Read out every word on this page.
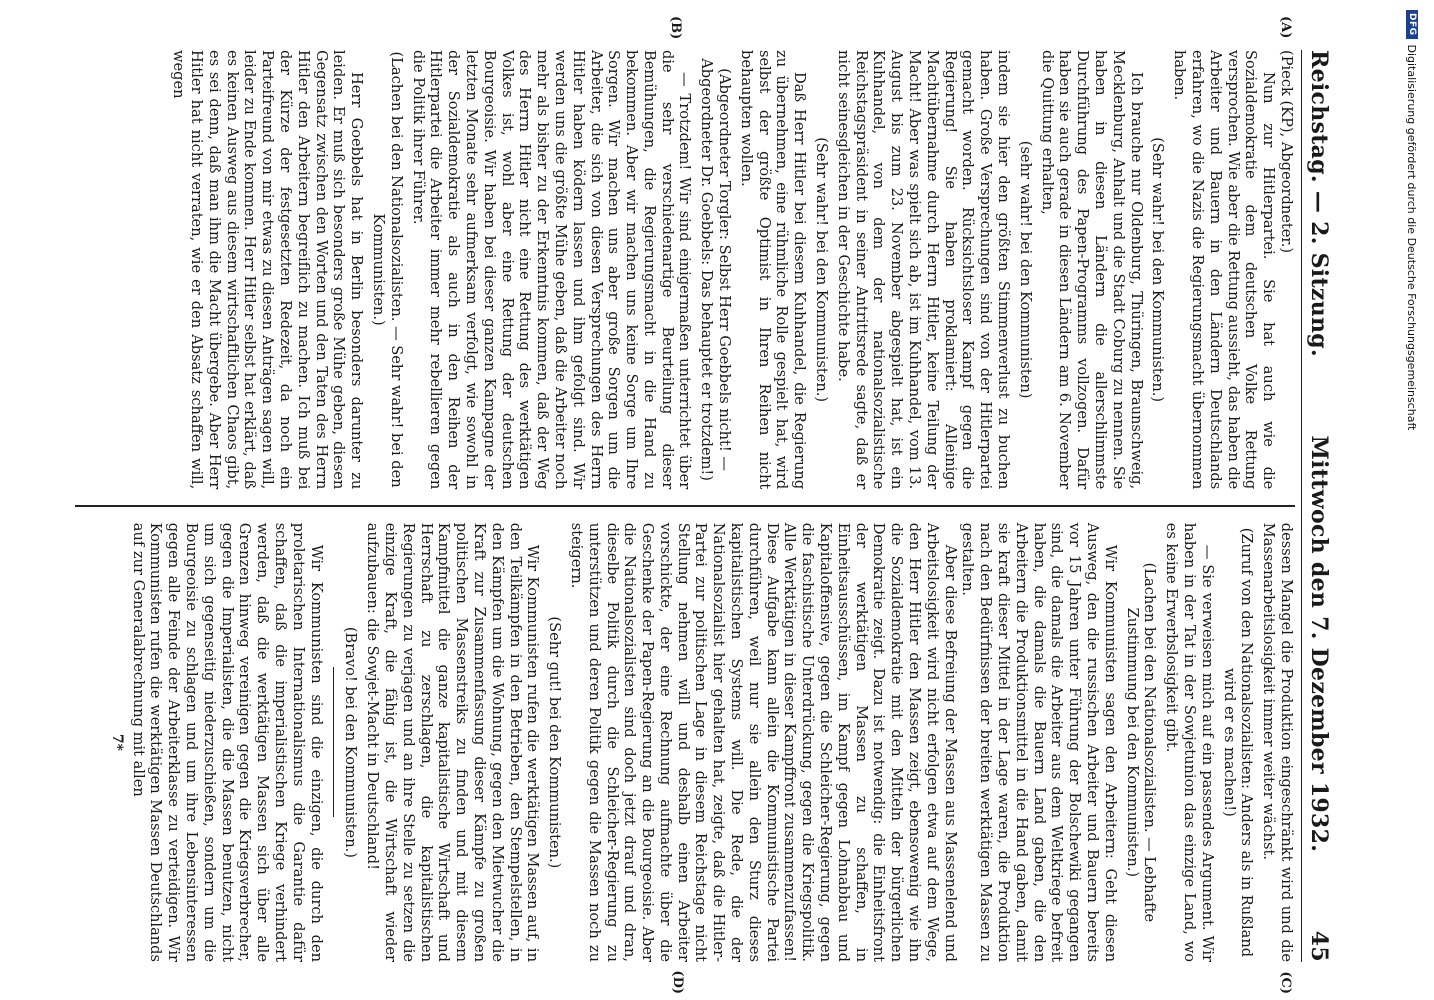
Reichstag. — 2. Sitzung.
Mittwoch den 7. Dezember 1932.
45
(A)
(B)

(Pieck (KP), Abgeordneter.)

Nun zur Hitlerpartei. Sie hat auch wie die Sozialdemokratie dem deutschen Volke Rettung versprochen. Wie aber die Rettung aussieht, das haben die Arbeiter und Bauern in den Ländern Deutschlands erfahren, wo die Nazis die Regierungsmacht übernommen haben.

(Sehr wahr! bei den Kommunisten.)

Ich brauche nur Oldenburg, Thüringen, Braunschweig, Mecklenburg, Anhalt und die Stadt Coburg zu nennen. Sie haben in diesen Ländern die allerschlimmste Durchführung des Papen-Programms vollzogen. Dafür haben sie auch gerade in diesen Ländern am 6. November die Quittung erhalten,

(sehr wahr! bei den Kommunisten)

indem sie hier den größten Stimmenverlust zu buchen haben. Große Versprechungen sind von der Hitlerpartei gemacht worden. Rücksichtsloser Kampf gegen die Regierung! Sie haben proklamiert: Alleinige Machtübernahme durch Herrn Hitler, keine Teilung der Macht! Aber was spielt sich ab, ist im Kuhhandel, vom 13. August bis zum 23. November abgespielt hat, ist ein Kuhhandel, von dem der nationalsozialistische Reichstagspräsident in seiner Antrittsrede sagte, daß er nicht seinesgleichen in der Geschichte habe.

(Sehr wahr! bei den Kommunisten.)

Daß Herr Hitler bei diesem Kuhhandel, die Regierung zu übernehmen, eine rühmliche Rolle gespielt hat, wird selbst der größte Optimist in Ihren Reihen nicht behaupten wollen.

(Abgeordneter Torgler: Selbst Herr Goebbels nicht! — Abgeordneter Dr. Goebbels: Das behauptet er trotzdem!)

— Trotzdem! Wir sind einigermaßen unterrichtet über die sehr verschiedenartige Beurteilung dieser Bemühungen, die Regierungsmacht in die Hand zu bekommen. Aber wir machen uns keine Sorge um Ihre Sorgen. Wir machen uns aber große Sorgen um die Arbeiter, die sich von diesen Versprechungen des Herrn Hitler haben ködern lassen und ihm gefolgt sind. Wir werden uns die größte Mühe geben, daß die Arbeiter noch mehr als bisher zu der Erkenntnis kommen, daß der Weg des Herrn Hitler nicht eine Rettung des werktätigen Volkes ist, wohl aber eine Rettung der deutschen Bourgeoisie. Wir haben bei dieser ganzen Kampagne der letzten Monate sehr aufmerksam verfolgt, wie sowohl in der Sozialdemokratie als auch in den Reihen der Hitlerpartei die Arbeiter immer mehr rebellieren gegen die Politik ihrer Führer.

(Lachen bei den Nationalsozialisten. — Sehr wahr! bei den Kommunisten.)

Herr Goebbels hat in Berlin besonders darunter zu leiden. Er muß sich besonders große Mühe geben, diesen Gegensatz zwischen den Worten und den Taten des Herrn Hitler den Arbeitern begreiflich zu machen. Ich muß bei der Kürze der festgesetzten Redezeit, da noch ein Parteifreund von mir etwas zu diesen Anträgen sagen will, leider zu Ende kommen. Herr Hitler selbst hat erklärt, daß es keinen Ausweg aus diesem wirtschaftlichen Chaos gibt, es sei denn, daß man ihm die Macht übergebe. Aber Herr Hitler hat nicht verraten, wie er den Absatz schaffen will, wegen

(C)
(D)

dessen Mangel die Produktion eingeschränkt wird und die Massenarbeitslosigkeit immer weiter wächst.

(Zuruf von den Nationalsozialisten: Anders als in Rußland wird er es machen!)

— Sie verweisen mich auf ein passendes Argument. Wir haben in der Tat in der Sowjetunion das einzige Land, wo es keine Erwerbslosigkeit gibt.

(Lachen bei den Nationalsozialisten. — Lebhafte Zustimmung bei den Kommunisten.)

Wir Kommunisten sagen den Arbeitern: Geht diesen Ausweg, den die russischen Arbeiter und Bauern bereits vor 15 Jahren unter Führung der Bolschewiki gegangen sind, die damals die Arbeiter aus dem Weltkriege befreit haben, die damals die Bauern Land gaben, die den Arbeitern die Produktionsmittel in die Hand gaben, damit sie kraft dieser Mittel in der Lage waren, die Produktion nach den Bedürfnissen der breiten werktätigen Massen zu gestalten.

Aber diese Befreiung der Massen aus Massenelend und Arbeitslosigkeit wird nicht erfolgen etwa auf dem Wege, den Herr Hitler den Massen zeigt, ebensowenig wie ihn die Sozialdemokratie mit den Mitteln der bürgerlichen Demokratie zeigt. Dazu ist notwendig: die Einheitsfront der werktätigen Massen zu schaffen, in Einheitsausschüssen, im Kampf gegen Lohnabbau und Kapitaloffensive, gegen die Schleicher-Regierung, gegen die faschistische Unterdrückung, gegen die Kriegspolitik. Alle Werktätigen in dieser Kampffront zusammenzufassen! Diese Aufgabe kann allein die Kommunistische Partei durchführen, weil nur sie allein den Sturz dieses kapitalistischen Systems will. Die Rede, die der Nationalsozialist hier gehalten hat, zeigte, daß die Hitler-Partei zur politischen Lage in diesem Reichstage nicht Stellung nehmen will und deshalb einen Arbeiter vorschickte, der eine Rechnung aufmachte über die Geschenke der Papen-Regierung an die Bourgeoisie. Aber die Nationalsozialisten sind doch jetzt drauf und dran, dieselbe Politik durch die Schleicher-Regierung zu unterstützen und deren Politik gegen die Massen noch zu steigern.

(Sehr gut! bei den Kommunisten.)

Wir Kommunisten rufen die werktätigen Massen auf, in den Teilkämpfen in den Betrieben, den Stempelstellen, in den Kämpfen um die Wohnung, gegen den Mietwucher die Kraft zur Zusammenfassung dieser Kämpfe zu großen politischen Massenstreiks zu finden und mit diesem Kampfmittel die ganze kapitalistische Wirtschaft und Herrschaft zu zerschlagen, die kapitalistischen Regierungen zu verjagen und an ihre Stelle zu setzen die einzige Kraft, die fähig ist, die Wirtschaft wieder aufzubauen: die Sowjet-Macht in Deutschland!

(Bravo! bei den Kommunisten.)

Wir Kommunisten sind die einzigen, die durch den proletarischen Internationalismus die Garantie dafür schaffen, daß die imperialistischen Kriege verhindert werden, daß die werktätigen Massen sich über alle Grenzen hinweg vereinigen gegen die Kriegsverbrecher, gegen die Imperialisten, die die Massen benutzen, nicht um sich gegenseitig niederzuschießen, sondern um die Bourgeoisie zu schlagen und um ihre Lebensinteressen gegen alle Feinde der Arbeiterklasse zu verteidigen. Wir Kommunisten rufen die werktätigen Massen Deutschlands auf zur Generalabrechnung mit allen

7*
DFG
Digitalisierung gefördert durch die Deutsche Forschungsgemeinschaft
